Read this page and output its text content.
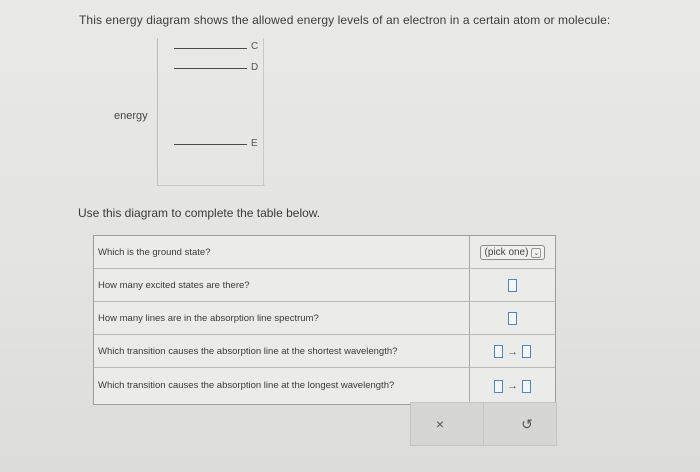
This energy diagram shows the allowed energy levels of an electron in a certain atom or molecule:
C
D
E
energy
Use this diagram to complete the table below.
Which is the ground state?	(pick one) ⌄
How many excited states are there?
How many lines are in the absorption line spectrum?
Which transition causes the absorption line at the shortest wavelength?	→
Which transition causes the absorption line at the longest wavelength?	→
×	↺
